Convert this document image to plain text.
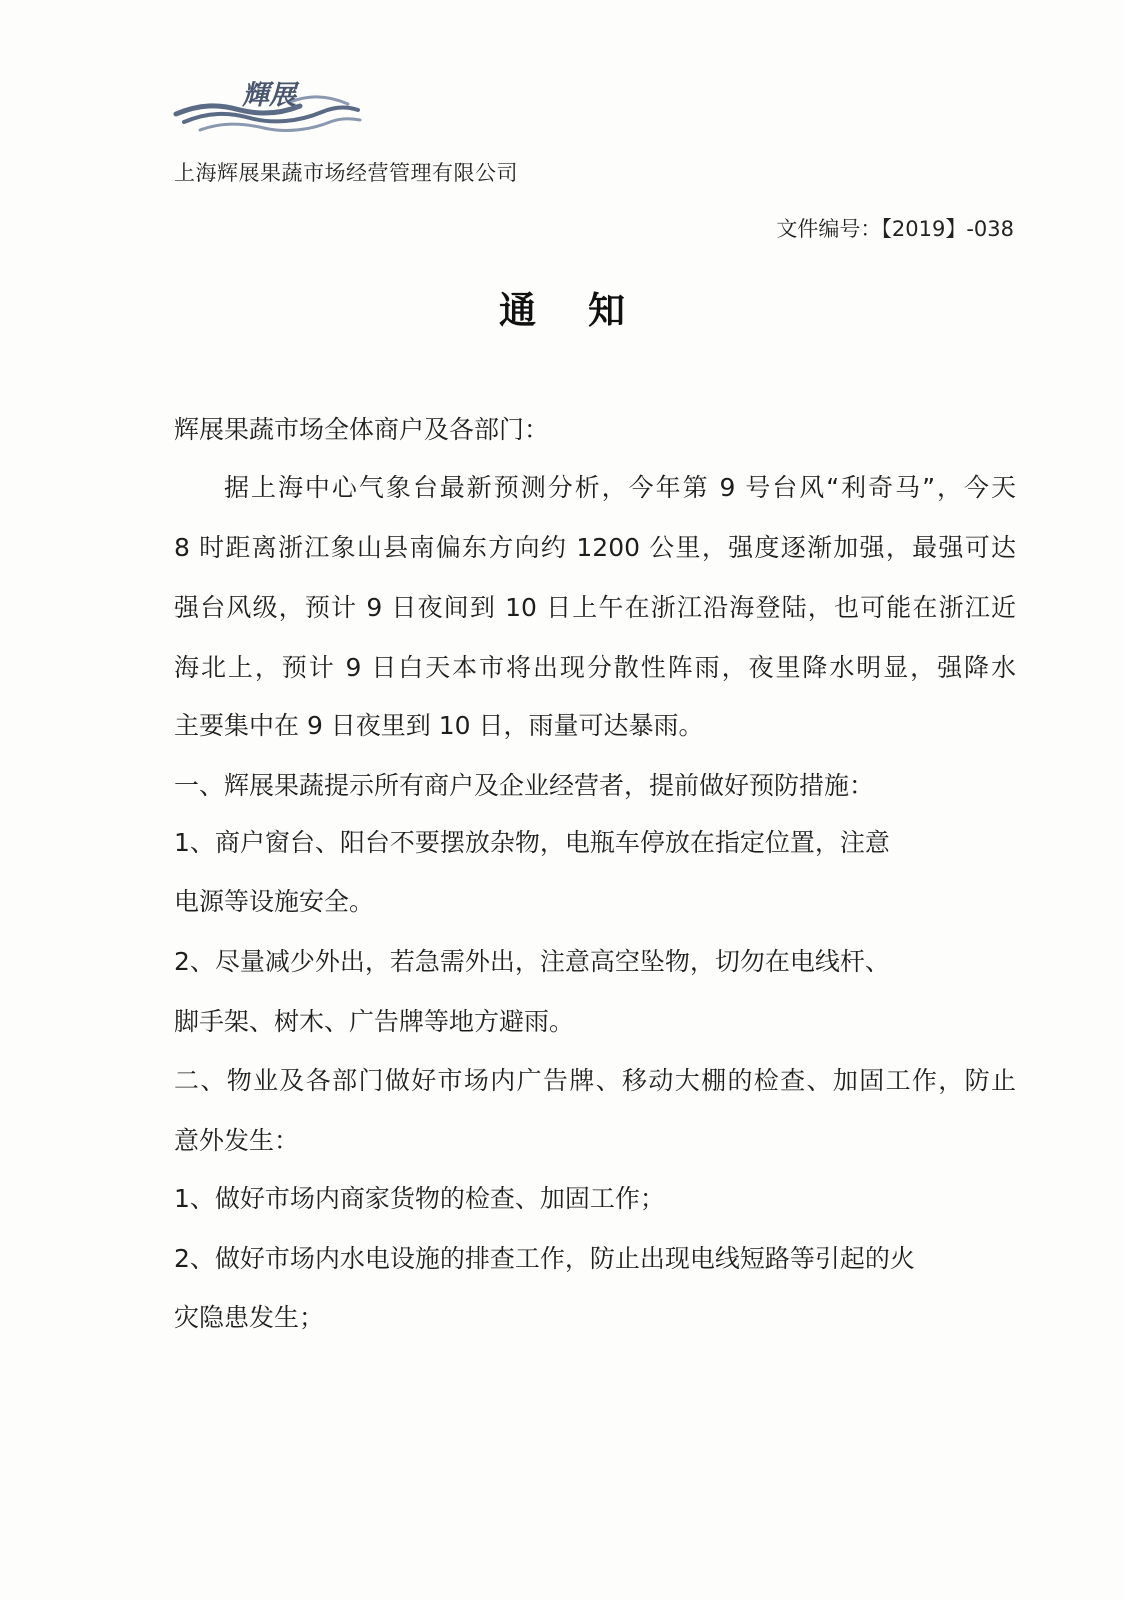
輝展
上海辉展果蔬市场经营管理有限公司
文件编号：【2019】-038
通知
辉展果蔬市场全体商户及各部门：
据上海中心气象台最新预测分析，今年第 9 号台风“利奇马”，今天
8 时距离浙江象山县南偏东方向约 1200 公里，强度逐渐加强，最强可达
强台风级，预计 9 日夜间到 10 日上午在浙江沿海登陆，也可能在浙江近
海北上，预计 9 日白天本市将出现分散性阵雨，夜里降水明显，强降水
主要集中在 9 日夜里到 10 日，雨量可达暴雨。
一、辉展果蔬提示所有商户及企业经营者，提前做好预防措施：
1、商户窗台、阳台不要摆放杂物，电瓶车停放在指定位置，注意
电源等设施安全。
2、尽量减少外出，若急需外出，注意高空坠物，切勿在电线杆、
脚手架、树木、广告牌等地方避雨。
二、物业及各部门做好市场内广告牌、移动大棚的检查、加固工作，防止
意外发生：
1、做好市场内商家货物的检查、加固工作；
2、做好市场内水电设施的排查工作，防止出现电线短路等引起的火
灾隐患发生；
